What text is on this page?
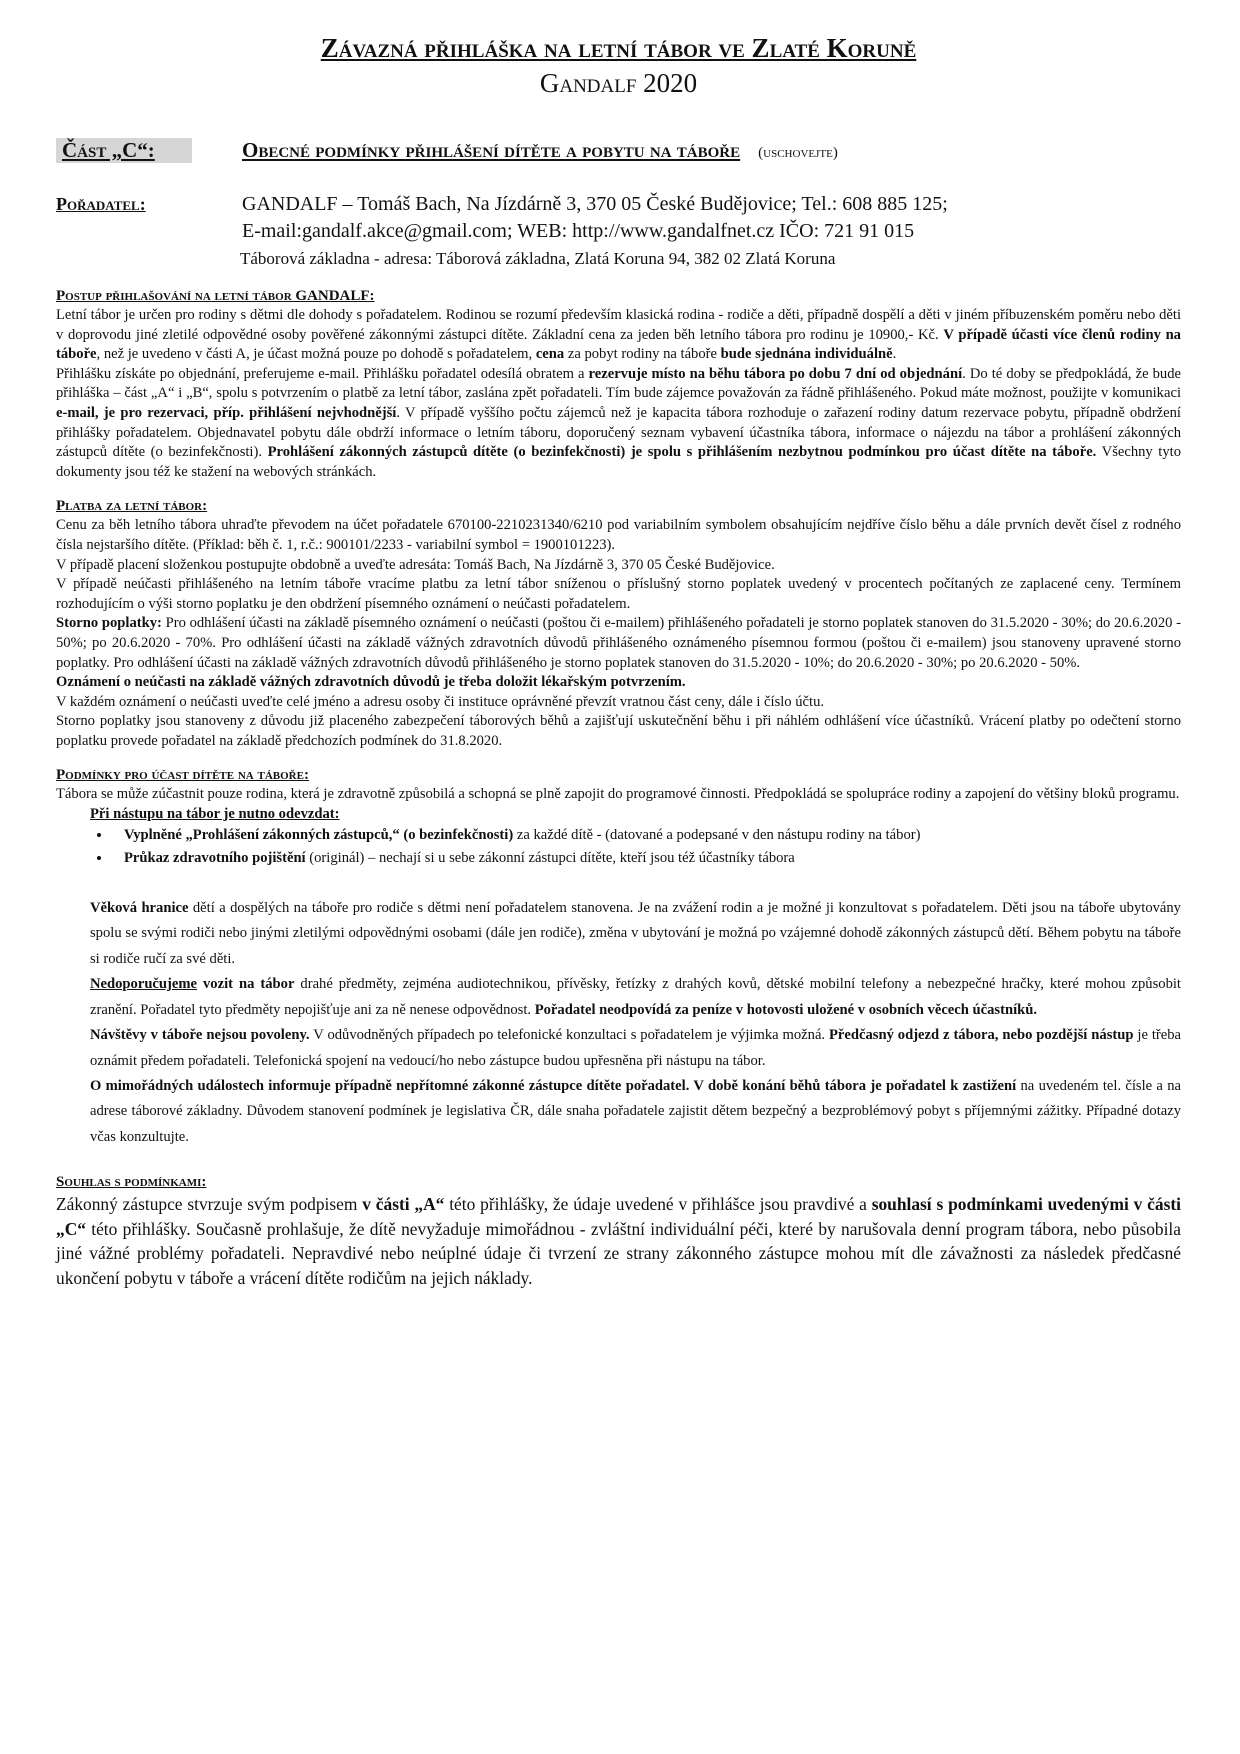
Závazná přihláška na letní tábor ve Zlaté Koruně
Gandalf 2020
Část „C“:	Obecné podmínky přihlášení dítěte a pobytu na táboře (uschovejte)
Pořadatel:	GANDALF – Tomáš Bach, Na Jízdárně 3, 370 05 České Budějovice; Tel.: 608 885 125;
E-mail:gandalf.akce@gmail.com; WEB: http://www.gandalfnet.cz IČO: 721 91 015
Táborová základna - adresa: Táborová základna, Zlatá Koruna 94, 382 02 Zlatá Koruna
Postup přihlašování na letní tábor GANDALF:

Letní tábor je určen pro rodiny s dětmi dle dohody s pořadatelem. Rodinou se rozumí především klasická rodina - rodiče a děti, případně dospělí a děti v jiném příbuzenském poměru nebo děti v doprovodu jiné zletilé odpovědné osoby pověřené zákonnými zástupci dítěte. Základní cena za jeden běh letního tábora pro rodinu je 10900,- Kč. V případě účasti více členů rodiny na táboře, než je uvedeno v části A, je účast možná pouze po dohodě s pořadatelem, cena za pobyt rodiny na táboře bude sjednána individuálně.

Přihlášku získáte po objednání, preferujeme e-mail. Přihlášku pořadatel odesílá obratem a rezervuje místo na běhu tábora po dobu 7 dní od objednání. Do té doby se předpokládá, že bude přihláška – část „A“ i „B“, spolu s potvrzením o platbě za letní tábor, zaslána zpět pořadateli. Tím bude zájemce považován za řádně přihlášeného. Pokud máte možnost, použijte v komunikaci e-mail, je pro rezervaci, příp. přihlášení nejvhodnější. V případě vyššího počtu zájemců než je kapacita tábora rozhoduje o zařazení rodiny datum rezervace pobytu, případně obdržení přihlášky pořadatelem. Objednavatel pobytu dále obdrží informace o letním táboru, doporučený seznam vybavení účastníka tábora, informace o nájezdu na tábor a prohlášení zákonných zástupců dítěte (o bezinfekčnosti). Prohlášení zákonných zástupců dítěte (o bezinfekčnosti) je spolu s přihlášením nezbytnou podmínkou pro účast dítěte na táboře. Všechny tyto dokumenty jsou též ke stažení na webových stránkách.

Platba za letní tábor:

Cenu za běh letního tábora uhraďte převodem na účet pořadatele 670100-2210231340/6210 pod variabilním symbolem obsahujícím nejdříve číslo běhu a dále prvních devět čísel z rodného čísla nejstaršího dítěte. (Příklad: běh č. 1, r.č.: 900101/2233 - variabilní symbol = 1900101223).

V případě placení složenkou postupujte obdobně a uveďte adresáta: Tomáš Bach, Na Jízdárně 3, 370 05 České Budějovice.

V případě neúčasti přihlášeného na letním táboře vracíme platbu za letní tábor sníženou o příslušný storno poplatek uvedený v procentech počítaných ze zaplacené ceny. Termínem rozhodujícím o výši storno poplatku je den obdržení písemného oznámení o neúčasti pořadatelem.

Storno poplatky: Pro odhlášení účasti na základě písemného oznámení o neúčasti (poštou či e-mailem) přihlášeného pořadateli je storno poplatek stanoven do 31.5.2020 - 30%; do 20.6.2020 - 50%; po 20.6.2020 - 70%. Pro odhlášení účasti na základě vážných zdravotních důvodů přihlášeného oznámeného písemnou formou (poštou či e-mailem) jsou stanoveny upravené storno poplatky. Pro odhlášení účasti na základě vážných zdravotních důvodů přihlášeného je storno poplatek stanoven do 31.5.2020 - 10%; do 20.6.2020 - 30%; po 20.6.2020 - 50%.

Oznámení o neúčasti na základě vážných zdravotních důvodů je třeba doložit lékařským potvrzením.

V každém oznámení o neúčasti uveďte celé jméno a adresu osoby či instituce oprávněné převzít vratnou část ceny, dále i číslo účtu.

Storno poplatky jsou stanoveny z důvodu již placeného zabezpečení táborových běhů a zajišťují uskutečnění běhu i při náhlém odhlášení více účastníků. Vrácení platby po odečtení storno poplatku provede pořadatel na základě předchozích podmínek do 31.8.2020.

Podmínky pro účast dítěte na táboře:

Tábora se může zúčastnit pouze rodina, která je zdravotně způsobilá a schopná se plně zapojit do programové činnosti. Předpokládá se spolupráce rodiny a zapojení do většiny bloků programu.

Při nástupu na tábor je nutno odevzdat:
• Vyplněné „Prohlášení zákonných zástupců,“ (o bezinfekčnosti) za každé dítě - (datované a podepsané v den nástupu rodiny na tábor)
• Průkaz zdravotního pojištění (originál) – nechají si u sebe zákonní zástupci dítěte, kteří jsou též účastníky tábora

Věková hranice dětí a dospělých na táboře pro rodiče s dětmi není pořadatelem stanovena. Je na zvážení rodin a je možné ji konzultovat s pořadatelem. Děti jsou na táboře ubytovány spolu se svými rodiči nebo jinými zletilými odpovědnými osobami (dále jen rodiče), změna v ubytování je možná po vzájemné dohodě zákonných zástupců dětí. Během pobytu na táboře si rodiče ručí za své děti.

Nedoporučujeme vozit na tábor drahé předměty, zejména audiotechnikou, přívěsky, řetízky z drahých kovů, dětské mobilní telefony a nebezpečné hračky, které mohou způsobit zranění. Pořadatel tyto předměty nepojišťuje ani za ně nenese odpovědnost. Pořadatel neodpovídá za peníze v hotovosti uložené v osobních věcech účastníků.

Návštěvy v táboře nejsou povoleny. V odůvodněných případech po telefonické konzultaci s pořadatelem je výjimka možná. Předčasný odjezd z tábora, nebo pozdější nástup je třeba oznámit předem pořadateli. Telefonická spojení na vedoucí/ho nebo zástupce budou upřesněna při nástupu na tábor.

O mimořádných událostech informuje případně nepřítomné zákonné zástupce dítěte pořadatel. V době konání běhů tábora je pořadatel k zastižení na uvedeném tel. čísle a na adrese táborové základny. Důvodem stanovení podmínek je legislativa ČR, dále snaha pořadatele zajistit dětem bezpečný a bezproblémový pobyt s příjemnými zážitky. Případné dotazy včas konzultujte.

Souhlas s podmínkami:

Zákonný zástupce stvrzuje svým podpisem v části „A“ této přihlášky, že údaje uvedené v přihlášce jsou pravdivé a souhlasí s podmínkami uvedenými v části „C“ této přihlášky. Současně prohlašuje, že dítě nevyžaduje mimořádnou - zvláštní individuální péči, které by narušovala denní program tábora, nebo působila jiné vážné problémy pořadateli. Nepravdivé nebo neúplné údaje či tvrzení ze strany zákonného zástupce mohou mít dle závažnosti za následek předčasné ukončení pobytu v táboře a vrácení dítěte rodičům na jejich náklady.
